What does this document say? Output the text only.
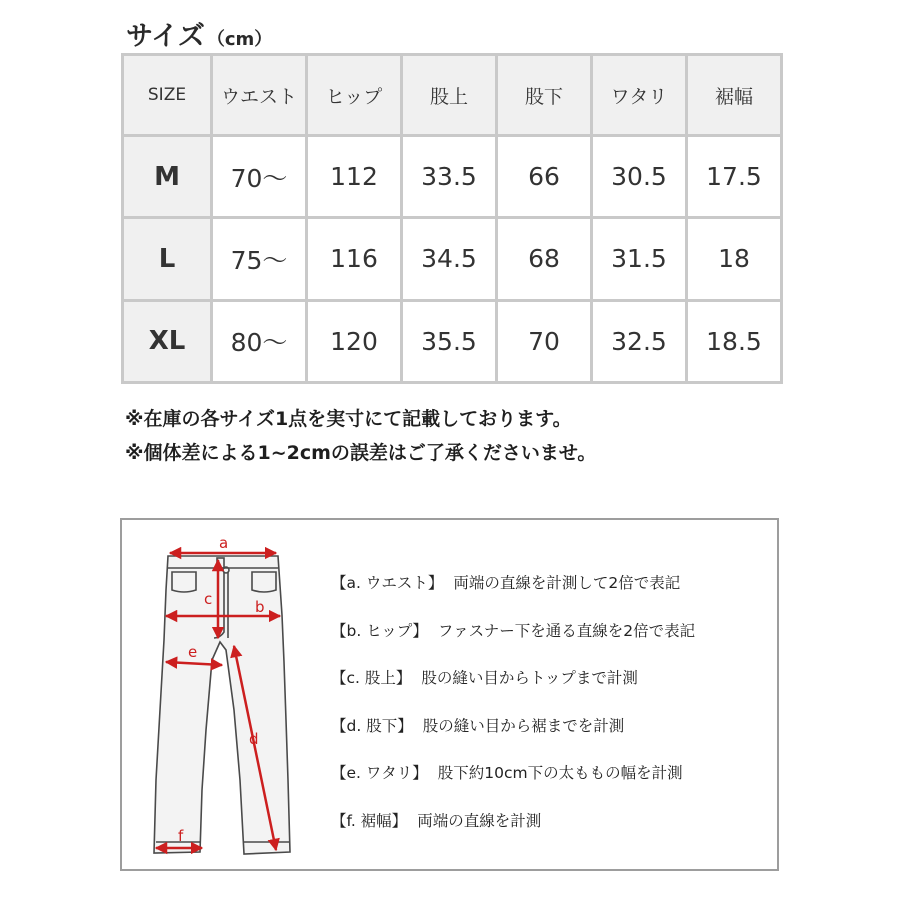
サイズ （cm）
SIZE	ウエスト	ヒップ	股上	股下	ワタリ	裾幅
M	70～	112	33.5	66	30.5	17.5
L	75～	116	34.5	68	31.5	18
XL	80～	120	35.5	70	32.5	18.5
※在庫の各サイズ1点を実寸にて記載しております。
※個体差による1~2cmの誤差はご了承くださいませ。
a
b
c
d
e
f
【a. ウエスト】 両端の直線を計測して2倍で表記
【b. ヒップ】 ファスナー下を通る直線を2倍で表記
【c. 股上】 股の縫い目からトップまで計測
【d. 股下】 股の縫い目から裾までを計測
【e. ワタリ】 股下約10cm下の太ももの幅を計測
【f. 裾幅】 両端の直線を計測
